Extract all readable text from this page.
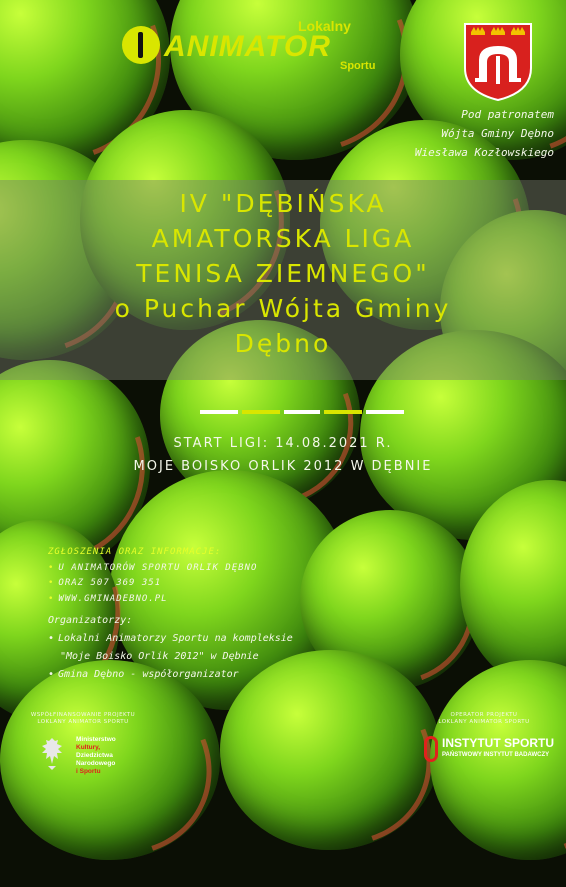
Lokalny
ANIMATOR
Sportu
Pod patronatem
Wójta Gminy Dębno
Wiesława Kozłowskiego
IV "DĘBIŃSKA
AMATORSKA LIGA
TENISA ZIEMNEGO"
o Puchar Wójta Gminy
Dębno
START LIGI: 14.08.2021 R.
MOJE BOISKO ORLIK 2012 W DĘBNIE
ZGŁOSZENIA ORAZ INFORMACJE:
• U ANIMATORÓW SPORTU ORLIK DĘBNO
• ORAZ 507 369 351
• WWW.GMINADEBNO.PL
Organizatorzy:
• Lokalni Animatorzy Sportu na kompleksie
"Moje Boisko Orlik 2012" w Dębnie
• Gmina Dębno - współorganizator
WSPÓŁFINANSOWANIE PROJEKTU
LOKLANY ANIMATOR SPORTU
Ministerstwo
Kultury,
Dziedzictwa
Narodowego
i Sportu
OPERATOR PROJEKTU
LOKLANY ANIMATOR SPORTU
INSTYTUT SPORTU
PAŃSTWOWY INSTYTUT BADAWCZY
